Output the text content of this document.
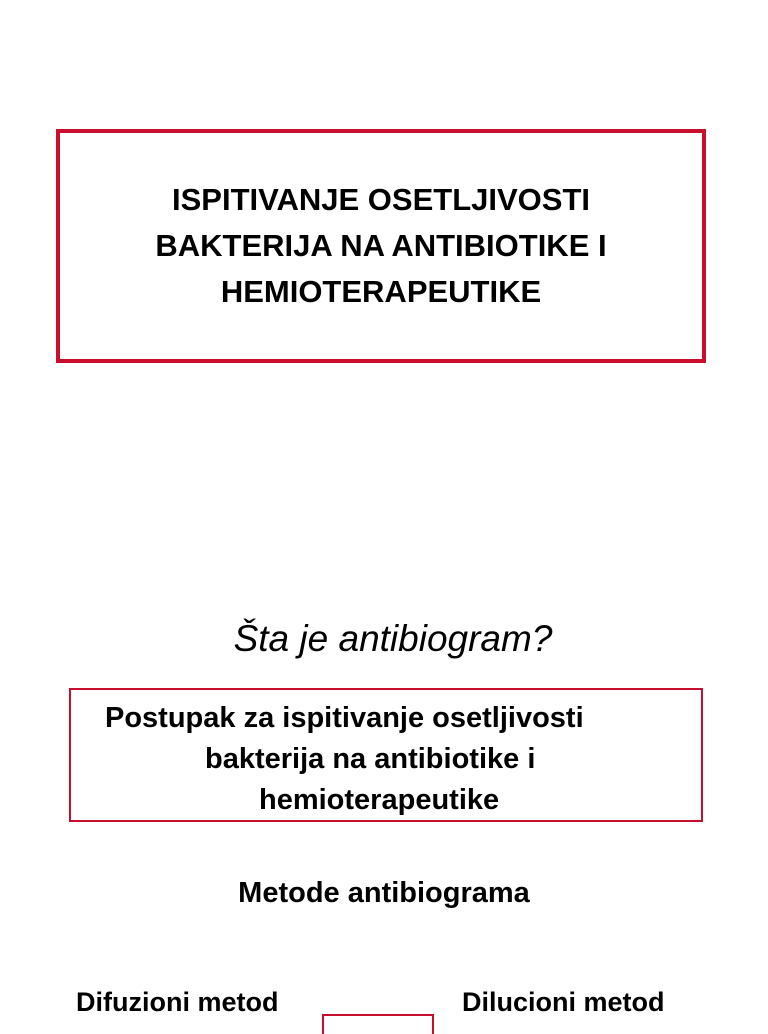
ISPITIVANJE OSETLJIVOSTI
BAKTERIJA NA ANTIBIOTIKE I
HEMIOTERAPEUTIKE
Šta je antibiogram?
Postupak za ispitivanje osetljivosti
bakterija na antibiotike i
hemioterapeutike
Metode antibiograma
Difuzioni metod	Dilucioni metod
